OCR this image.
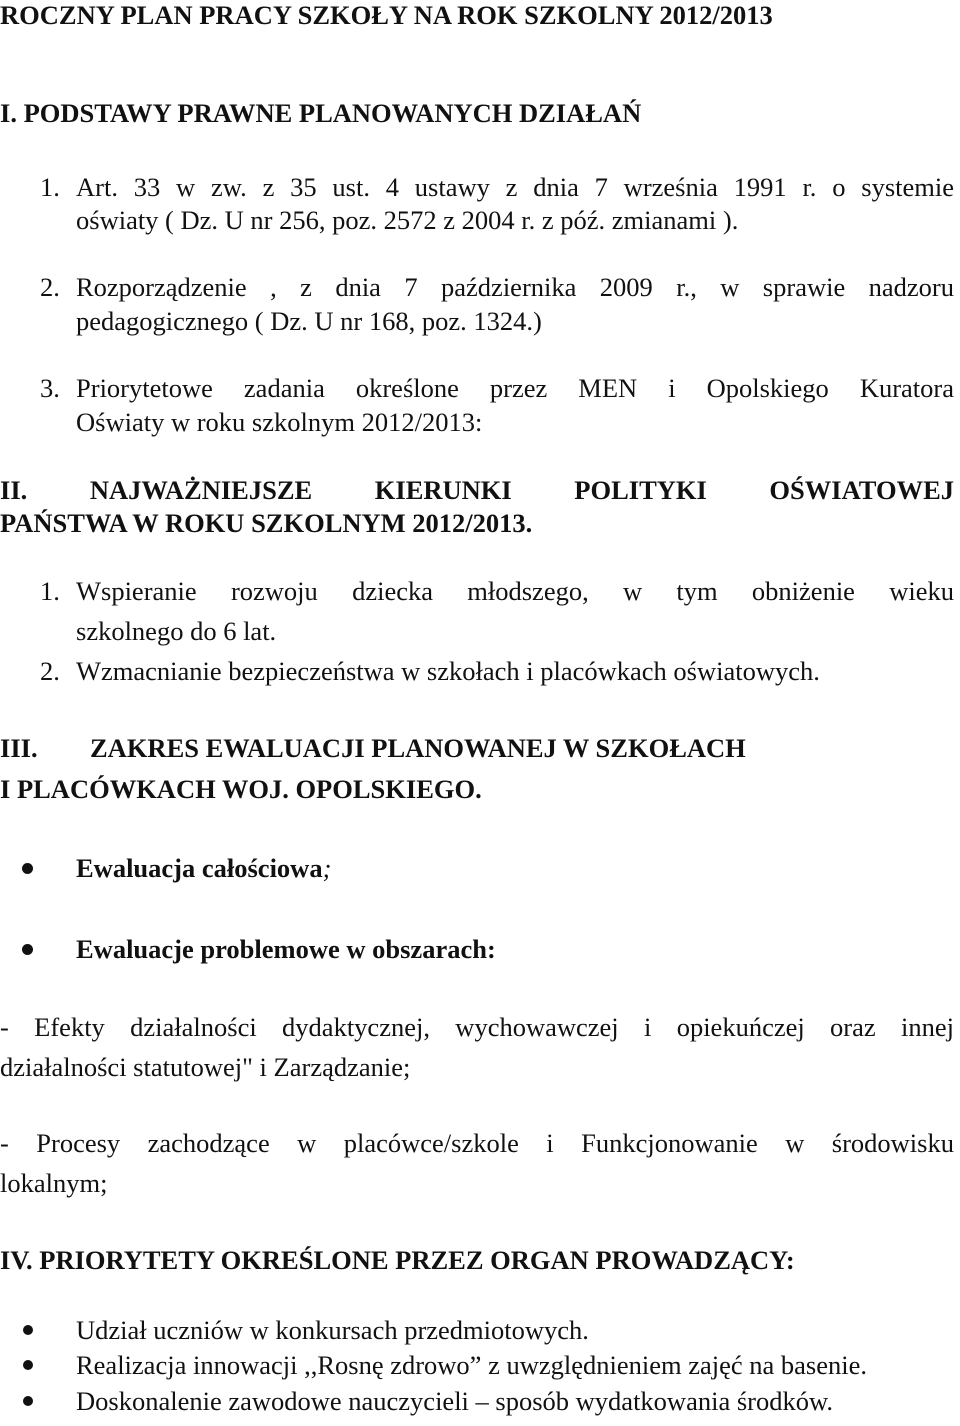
ROCZNY PLAN PRACY SZKOŁY NA ROK SZKOLNY 2012/2013
I. PODSTAWY PRAWNE PLANOWANYCH DZIAŁAŃ
1. Art. 33 w zw. z 35 ust. 4 ustawy z dnia 7 września 1991 r. o systemie
oświaty ( Dz. U nr 256, poz. 2572 z 2004 r. z póź. zmianami ).
2. Rozporządzenie , z dnia 7 października 2009 r., w sprawie nadzoru
pedagogicznego ( Dz. U nr 168, poz. 1324.)
3. Priorytetowe zadania określone przez MEN i Opolskiego Kuratora
Oświaty w roku szkolnym 2012/2013:
II. NAJWAŻNIEJSZE KIERUNKI POLITYKI OŚWIATOWEJ
PAŃSTWA W ROKU SZKOLNYM 2012/2013.
1. Wspieranie rozwoju dziecka młodszego, w tym obniżenie wieku
szkolnego do 6 lat.
2. Wzmacnianie bezpieczeństwa w szkołach i placówkach oświatowych.
III. ZAKRES EWALUACJI PLANOWANEJ W SZKOŁACH
I PLACÓWKACH WOJ. OPOLSKIEGO.
Ewaluacja całościowa;
Ewaluacje problemowe w obszarach:
- Efekty działalności dydaktycznej, wychowawczej i opiekuńczej oraz innej
działalności statutowej" i Zarządzanie;
- Procesy zachodzące w placówce/szkole i Funkcjonowanie w środowisku
lokalnym;
IV. PRIORYTETY OKREŚLONE PRZEZ ORGAN PROWADZĄCY:
Udział uczniów w konkursach przedmiotowych.
Realizacja innowacji ,,Rosnę zdrowo” z uwzględnieniem zajęć na basenie.
Doskonalenie zawodowe nauczycieli – sposób wydatkowania środków.
